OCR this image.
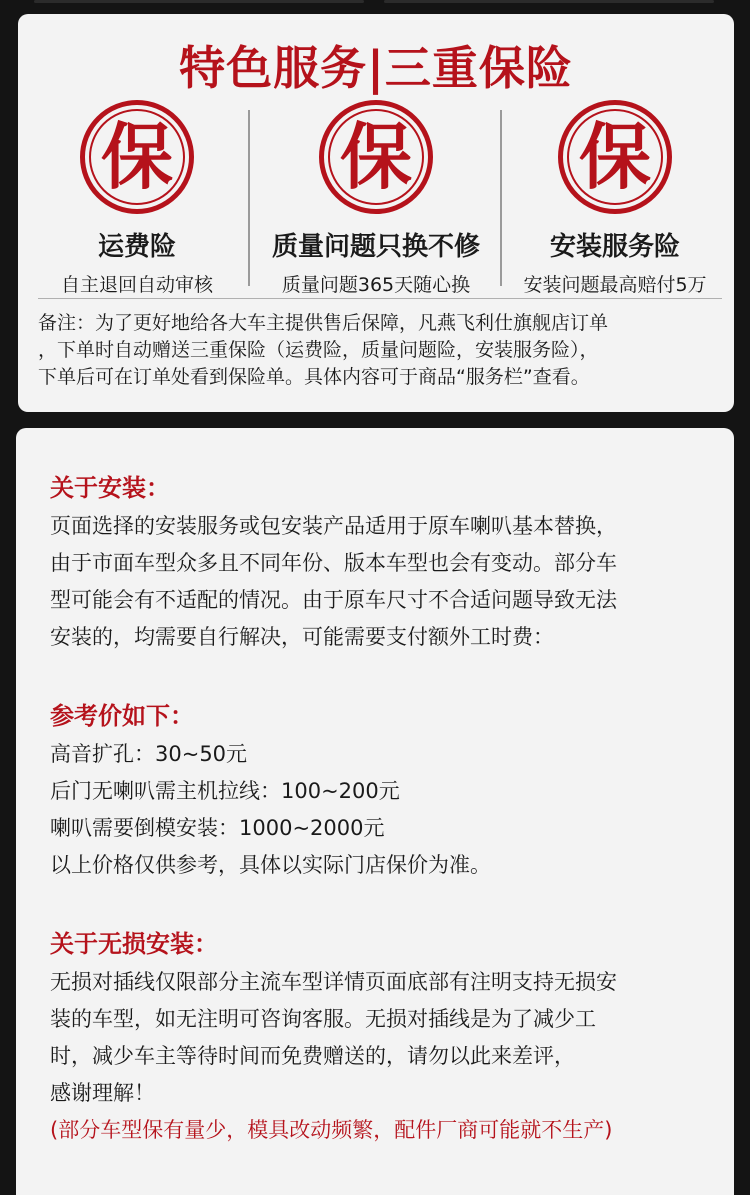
特色服务|三重保险
保
运费险
自主退回自动审核
保
质量问题只换不修
质量问题365天随心换
保
安装服务险
安装问题最高赔付5万
备注：为了更好地给各大车主提供售后保障，凡燕飞利仕旗舰店订单
，下单时自动赠送三重保险（运费险，质量问题险，安装服务险），
下单后可在订单处看到保险单。具体内容可于商品“服务栏”查看。
关于安装：
页面选择的安装服务或包安装产品适用于原车喇叭基本替换，
由于市面车型众多且不同年份、版本车型也会有变动。部分车
型可能会有不适配的情况。由于原车尺寸不合适问题导致无法
安装的，均需要自行解决，可能需要支付额外工时费：
参考价如下：
高音扩孔：30~50元
后门无喇叭需主机拉线：100~200元
喇叭需要倒模安装：1000~2000元
以上价格仅供参考，具体以实际门店保价为准。
关于无损安装：
无损对插线仅限部分主流车型详情页面底部有注明支持无损安
装的车型，如无注明可咨询客服。无损对插线是为了减少工
时，减少车主等待时间而免费赠送的，请勿以此来差评，
感谢理解！
(部分车型保有量少，模具改动频繁，配件厂商可能就不生产)
